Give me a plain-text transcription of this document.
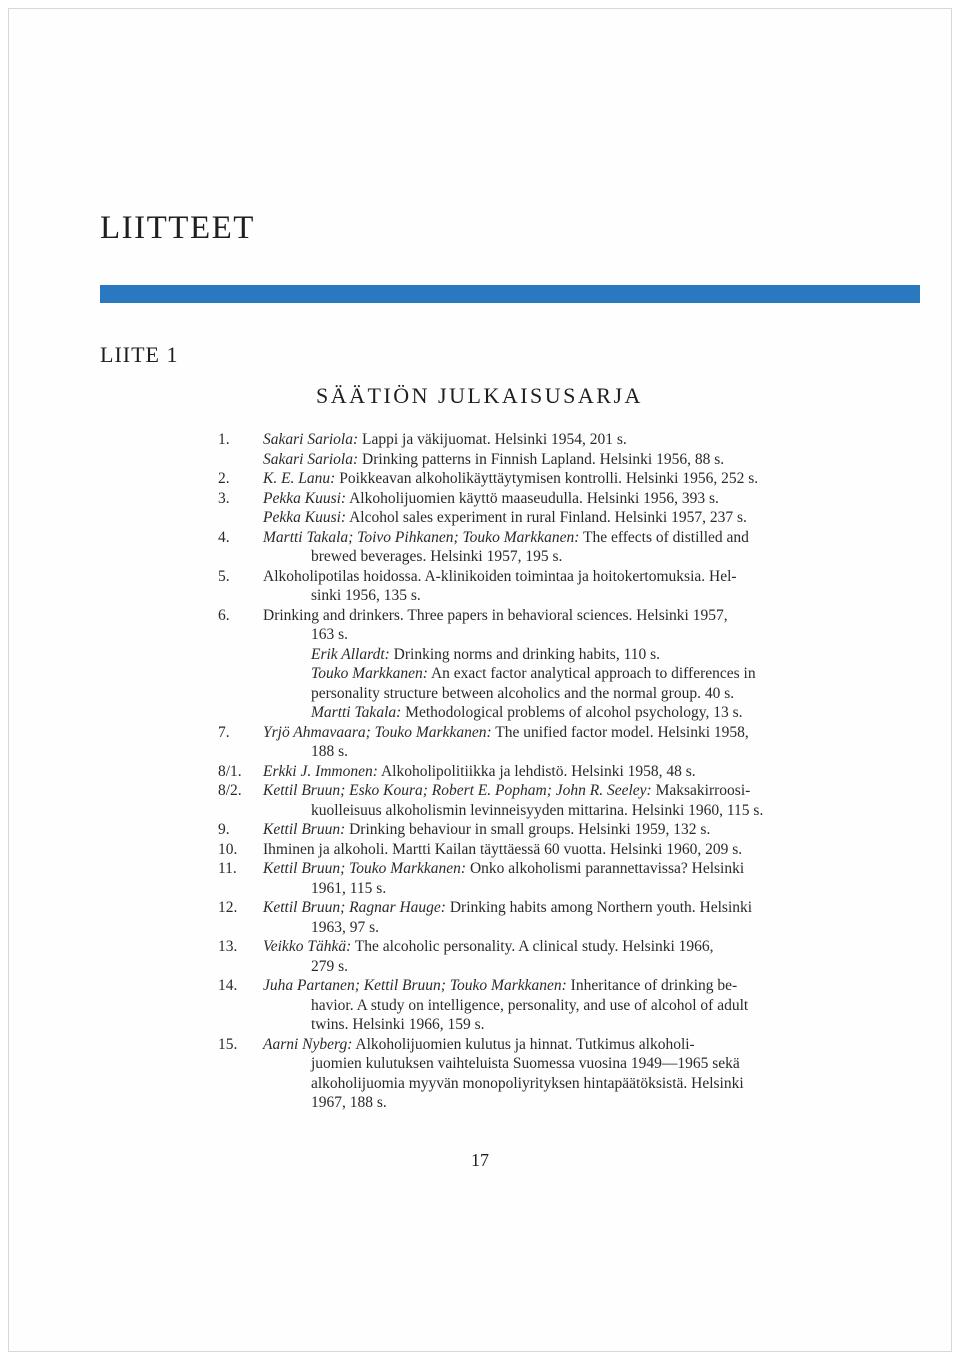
LIITTEET
LIITE 1
SÄÄTIÖN JULKAISUSARJA
1.	Sakari Sariola: Lappi ja väkijuomat. Helsinki 1954, 201 s.
Sakari Sariola: Drinking patterns in Finnish Lapland. Helsinki 1956, 88 s.
2.	K. E. Lanu: Poikkeavan alkoholikäyttäytymisen kontrolli. Helsinki 1956, 252 s.
3.	Pekka Kuusi: Alkoholijuomien käyttö maaseudulla. Helsinki 1956, 393 s.
Pekka Kuusi: Alcohol sales experiment in rural Finland. Helsinki 1957, 237 s.
4.	Martti Takala; Toivo Pihkanen; Touko Markkanen: The effects of distilled and
brewed beverages. Helsinki 1957, 195 s.
5.	Alkoholipotilas hoidossa. A-klinikoiden toimintaa ja hoitokertomuksia. Hel-
sinki 1956, 135 s.
6.	Drinking and drinkers. Three papers in behavioral sciences. Helsinki 1957,
163 s.
Erik Allardt: Drinking norms and drinking habits, 110 s.
Touko Markkanen: An exact factor analytical approach to differences in
personality structure between alcoholics and the normal group. 40 s.
Martti Takala: Methodological problems of alcohol psychology, 13 s.
7.	Yrjö Ahmavaara; Touko Markkanen: The unified factor model. Helsinki 1958,
188 s.
8/1.	Erkki J. Immonen: Alkoholipolitiikka ja lehdistö. Helsinki 1958, 48 s.
8/2.	Kettil Bruun; Esko Koura; Robert E. Popham; John R. Seeley: Maksakirroosi-
kuolleisuus alkoholismin levinneisyyden mittarina. Helsinki 1960, 115 s.
9.	Kettil Bruun: Drinking behaviour in small groups. Helsinki 1959, 132 s.
10.	Ihminen ja alkoholi. Martti Kailan täyttäessä 60 vuotta. Helsinki 1960, 209 s.
11.	Kettil Bruun; Touko Markkanen: Onko alkoholismi parannettavissa? Helsinki
1961, 115 s.
12.	Kettil Bruun; Ragnar Hauge: Drinking habits among Northern youth. Helsinki
1963, 97 s.
13.	Veikko Tähkä: The alcoholic personality. A clinical study. Helsinki 1966,
279 s.
14.	Juha Partanen; Kettil Bruun; Touko Markkanen: Inheritance of drinking be-
havior. A study on intelligence, personality, and use of alcohol of adult
twins. Helsinki 1966, 159 s.
15.	Aarni Nyberg: Alkoholijuomien kulutus ja hinnat. Tutkimus alkoholi-
juomien kulutuksen vaihteluista Suomessa vuosina 1949—1965 sekä
alkoholijuomia myyvän monopoliyrityksen hintapäätöksistä. Helsinki
1967, 188 s.
17
